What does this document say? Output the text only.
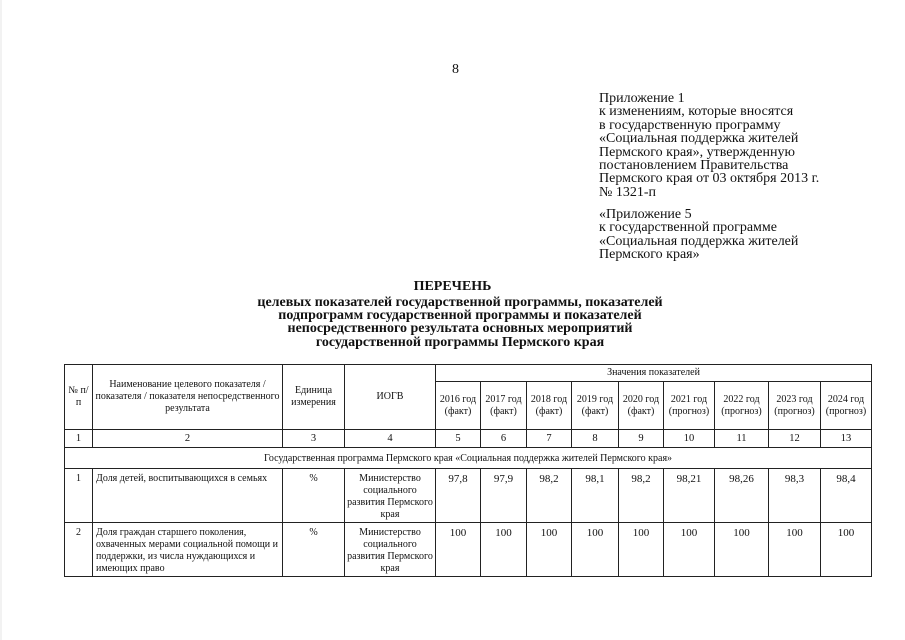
8
Приложение 1
к изменениям, которые вносятся
в государственную программу
«Социальная поддержка жителей
Пермского края», утвержденную
постановлением Правительства
Пермского края от 03 октября 2013 г.
№ 1321-п
«Приложение 5
к государственной программе
«Социальная поддержка жителей
Пермского края»
ПЕРЕЧЕНЬ
целевых показателей государственной программы, показателей
подпрограмм государственной программы и показателей
непосредственного результата основных мероприятий
государственной программы Пермского края
№ п/п	Наименование целевого показателя / показателя / показателя непосредственного результата	Единица измерения	ИОГВ	Значения показателей								
				2016 год (факт)	2017 год (факт)	2018 год (факт)	2019 год (факт)	2020 год (факт)	2021 год (прогноз)	2022 год (прогноз)	2023 год (прогноз)	2024 год (прогноз)
1	2	3	4	5	6	7	8	9	10	11	12	13
Государственная программа Пермского края «Социальная поддержка жителей Пермского края»												
1	Доля детей, воспитывающихся в семьях	%	Министерство социального развития Пермского края	97,8	97,9	98,2	98,1	98,2	98,21	98,26	98,3	98,4
2	Доля граждан старшего поколения, охваченных мерами социальной помощи и поддержки, из числа нуждающихся и имеющих право	%	Министерство социального развития Пермского края	100	100	100	100	100	100	100	100	100
